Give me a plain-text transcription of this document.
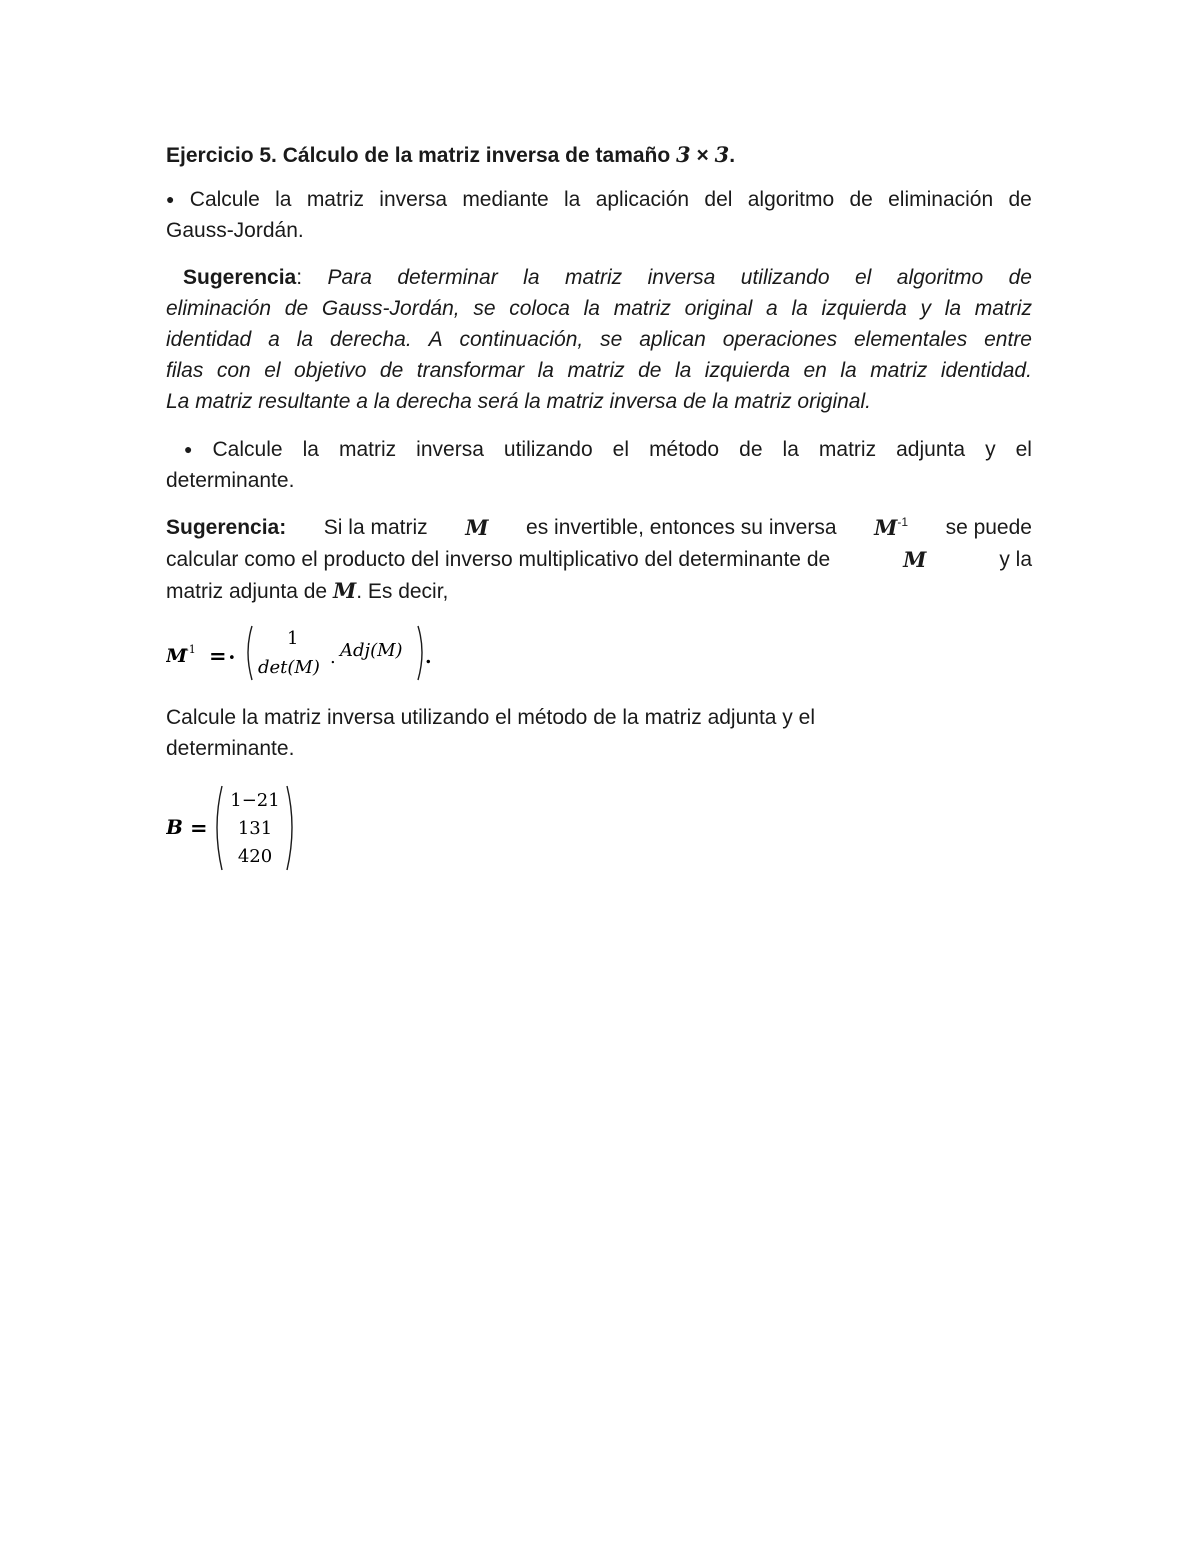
Ejercicio 5. Cálculo de la matriz inversa de tamaño 3 × 3.
● Calcule la matriz inversa mediante la aplicación del algoritmo de eliminación de
Gauss-Jordán.
Sugerencia: Para determinar la matriz inversa utilizando el algoritmo de
eliminación de Gauss-Jordán, se coloca la matriz original a la izquierda y la matriz
identidad a la derecha. A continuación, se aplican operaciones elementales entre
filas con el objetivo de transformar la matriz de la izquierda en la matriz identidad.
La matriz resultante a la derecha será la matriz inversa de la matriz original.
● Calcule la matriz inversa utilizando el método de la matriz adjunta y el
determinante.
Sugerencia: Si la matriz M es invertible, entonces su inversa $M^{-1}$ se puede
calcular como el producto del inverso multiplicativo del determinante de	M	y la
matriz adjunta de M. Es decir,
M
-1 = •
1
det(M) . Adj(M) .
Calcule la matriz inversa utilizando el método de la matriz adjunta y el
determinante.
B =
1−21
131
420
